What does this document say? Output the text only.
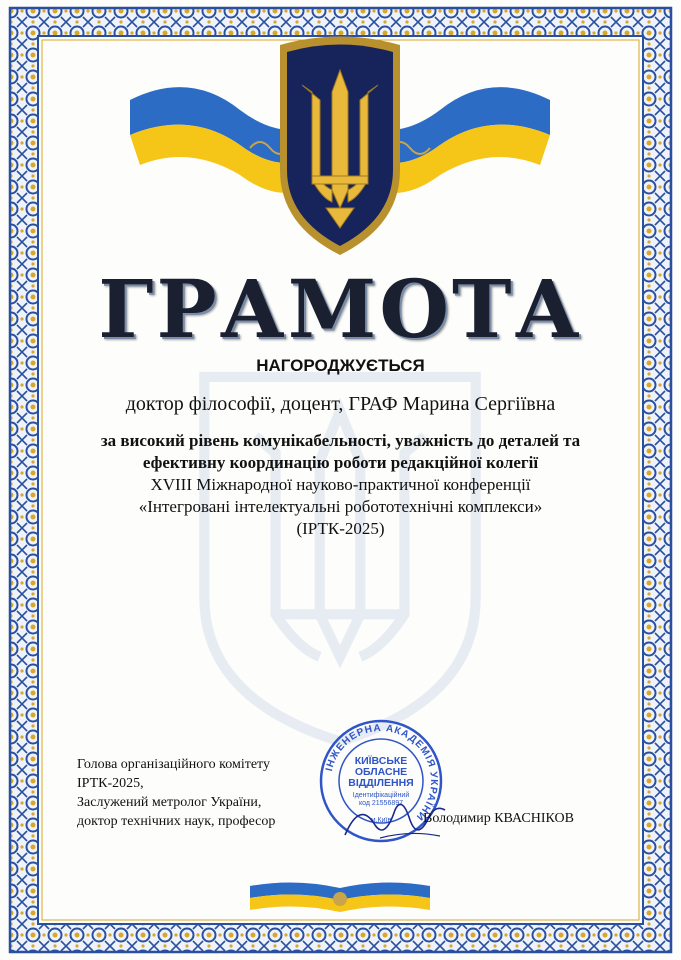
ГРАМОТА
НАГОРОДЖУЄТЬСЯ
доктор філософії, доцент, ГРАФ Марина Сергіївна
за високий рівень комунікабельності, уважність до деталей та
ефективну координацію роботи редакційної колегії
XVIII Міжнародної науково-практичної конференції
«Інтегровані інтелектуальні робототехнічні комплекси»
(ІРТК-2025)
Голова організаційного комітету
ІРТК-2025,
Заслужений метролог України,
доктор технічних наук, професор
ІНЖЕНЕРНА АКАДЕМІЯ УКРАЇНИ
КИЇВСЬКЕ
ОБЛАСНЕ
ВІДДІЛЕННЯ
Ідентифікаційний
код 21556897
м.Київ Володимир КВАСНІКОВ
